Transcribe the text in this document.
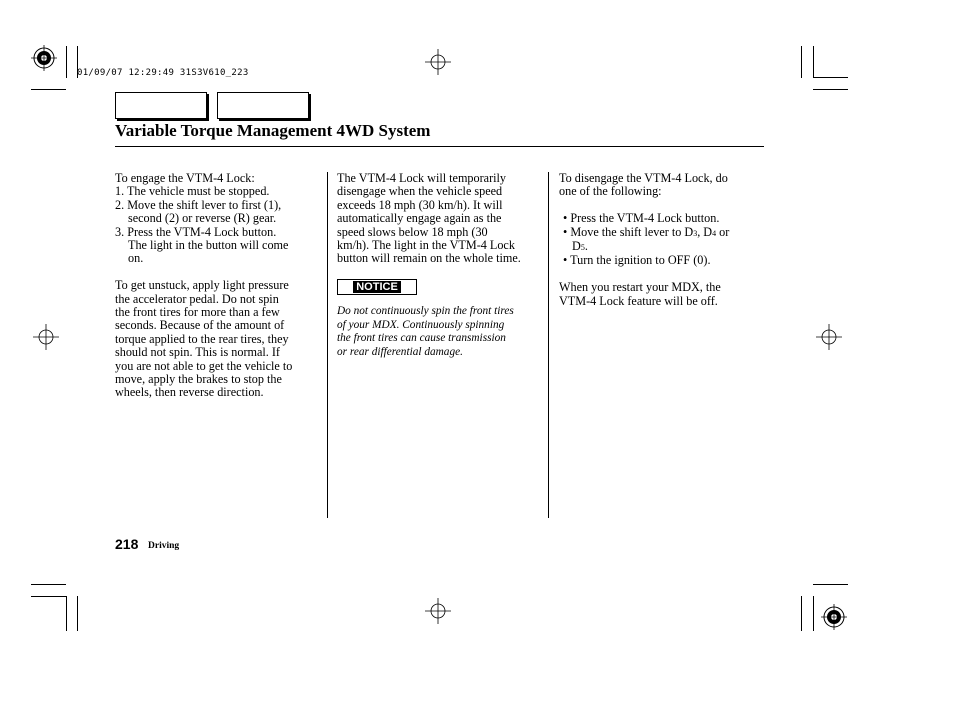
01/09/07 12:29:49 31S3V610_223
Variable Torque Management 4WD System

To engage the VTM-4 Lock:

1. The vehicle must be stopped.

2. Move the shift lever to first (1),

second (2) or reverse (R) gear.

3. Press the VTM-4 Lock button.

The light in the button will come

on.

To get unstuck, apply light pressure

the accelerator pedal. Do not spin

the front tires for more than a few

seconds. Because of the amount of

torque applied to the rear tires, they

should not spin. This is normal. If

you are not able to get the vehicle to

move, apply the brakes to stop the

wheels, then reverse direction.

The VTM-4 Lock will temporarily

disengage when the vehicle speed

exceeds 18 mph (30 km/h). It will

automatically engage again as the

speed slows below 18 mph (30

km/h). The light in the VTM-4 Lock

button will remain on the whole time.

NOTICE

Do not continuously spin the front tires

of your MDX. Continuously spinning

the front tires can cause transmission

or rear differential damage.

To disengage the VTM-4 Lock, do

one of the following:

• Press the VTM-4 Lock button.

• Move the shift lever to D3, D4 or

D5.

• Turn the ignition to OFF (0).

When you restart your MDX, the

VTM-4 Lock feature will be off.

218 Driving
